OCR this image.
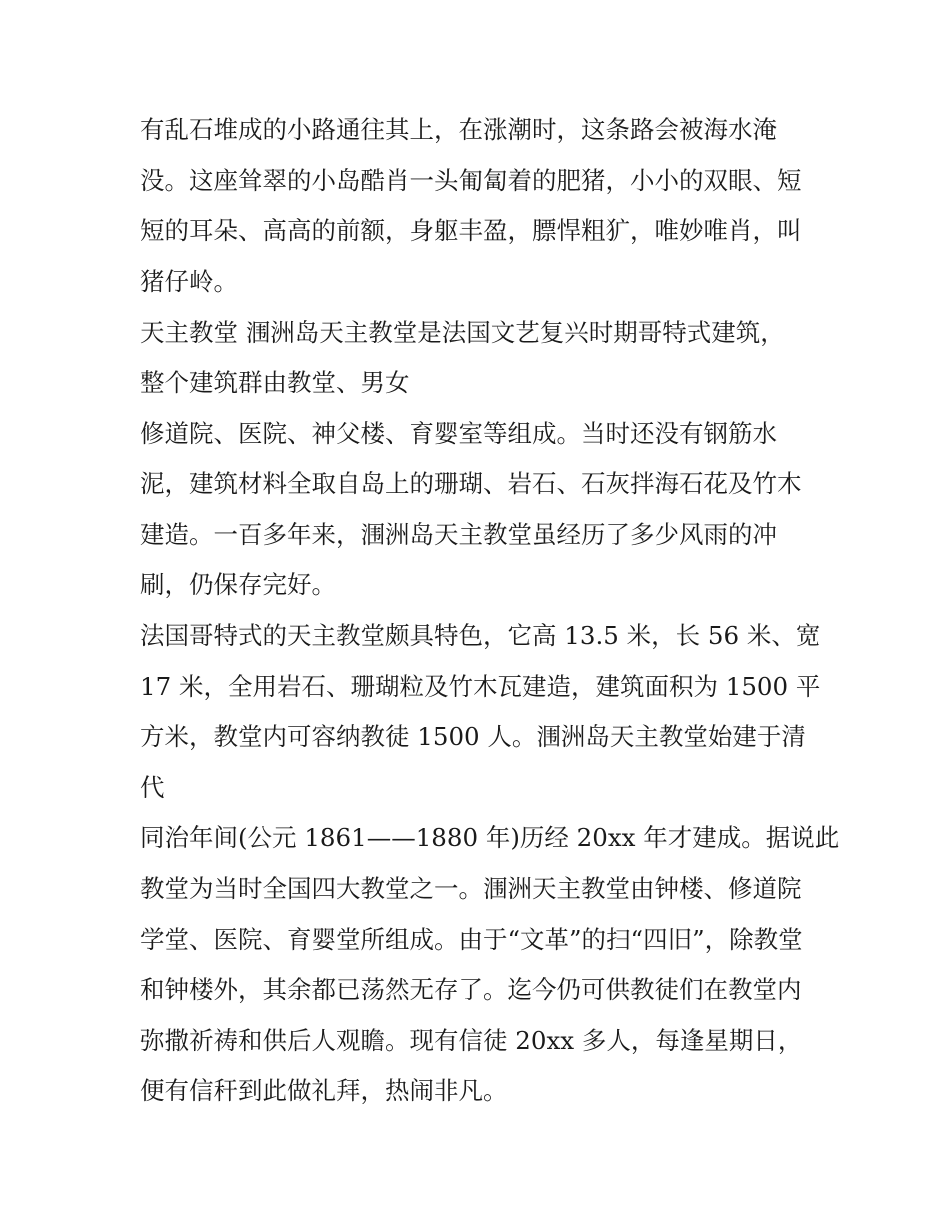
有乱石堆成的小路通往其上，在涨潮时，这条路会被海水淹
没。这座耸翠的小岛酷肖一头匍匐着的肥猪，小小的双眼、短
短的耳朵、高高的前额，身躯丰盈，膘悍粗犷，唯妙唯肖，叫
猪仔岭。
天主教堂 涠洲岛天主教堂是法国文艺复兴时期哥特式建筑，
整个建筑群由教堂、男女
修道院、医院、神父楼、育婴室等组成。当时还没有钢筋水
泥，建筑材料全取自岛上的珊瑚、岩石、石灰拌海石花及竹木
建造。一百多年来，涠洲岛天主教堂虽经历了多少风雨的冲
刷，仍保存完好。
法国哥特式的天主教堂颇具特色，它高 13.5 米，长 56 米、宽
17 米，全用岩石、珊瑚粒及竹木瓦建造，建筑面积为 1500 平
方米，教堂内可容纳教徒 1500 人。涠洲岛天主教堂始建于清
代
同治年间(公元 1861——1880 年)历经 20xx 年才建成。据说此
教堂为当时全国四大教堂之一。涠洲天主教堂由钟楼、修道院
学堂、医院、育婴堂所组成。由于“文革”的扫“四旧”，除教堂
和钟楼外，其余都已荡然无存了。迄今仍可供教徒们在教堂内
弥撒祈祷和供后人观瞻。现有信徒 20xx 多人，每逢星期日，
便有信秆到此做礼拜，热闹非凡。
